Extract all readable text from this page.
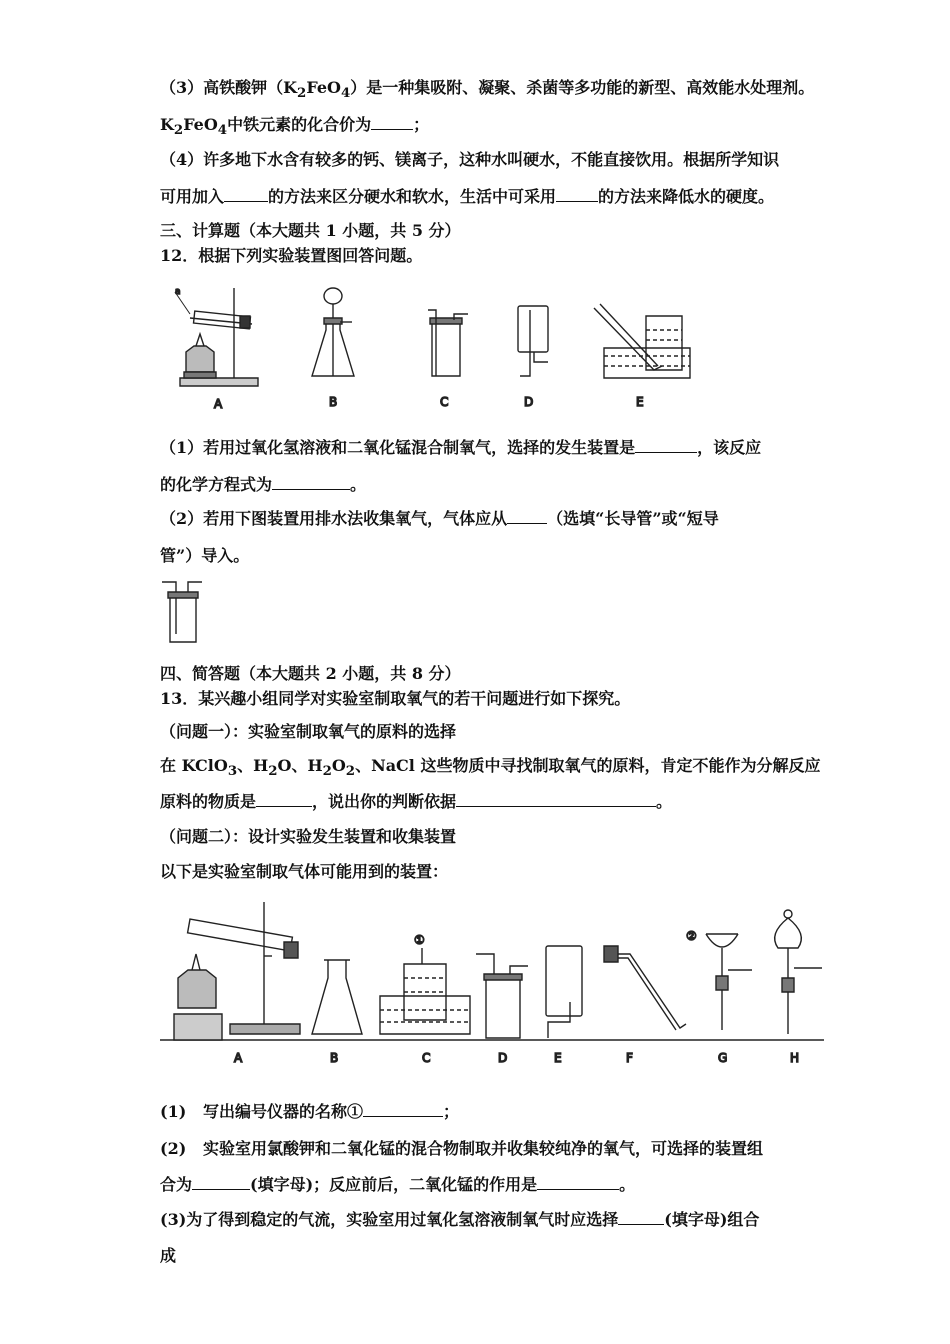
（3）高铁酸钾$(K_2FeO_4)$是一种集吸附、凝聚、杀菌等多功能的新型、高效能水处理剂。
$K_2FeO_4$中铁元素的化合价为	；
（4）许多地下水含有较多的钙、镁离子，这种水叫硬水，不能直接饮用。根据所学知识
可用加入	的方法来区分硬水和软水，生活中可采用	的方法来降低水的硬度。
三、计算题（本大题共 1 小题，共 5 分）
12．根据下列实验装置图回答问题。
A
a
B	C	D	E
（1）若用过氧化氢溶液和二氧化锰混合制氧气，选择的发生装置是	，该反应
的化学方程式为	。
（2）若用下图装置用排水法收集氧气，气体应从	（选填“长导管”或“短导
管”）导入。
四、简答题（本大题共 2 小题，共 8 分）
13．某兴趣小组同学对实验室制取氧气的若干问题进行如下探究。
（问题一）：实验室制取氧气的原料的选择
在 KClO$_3$、$H_2O$、$H_2O_2$、NaCl 这些物质中寻找制取氧气的原料，肯定不能作为分解反应
原料的物质是	，说出你的判断依据	。
（问题二）：设计实验发生装置和收集装置
以下是实验室制取气体可能用到的装置：
A	B
①
C	D	E	F
②
G	H
(1) 写出编号仪器的名称①	；
(2) 实验室用氯酸钾和二氧化锰的混合物制取并收集较纯净的氧气，可选择的装置组
合为	(填字母)；反应前后，二氧化锰的作用是	。
(3)为了得到稳定的气流，实验室用过氧化氢溶液制氧气时应选择	(填字母)组合
成
